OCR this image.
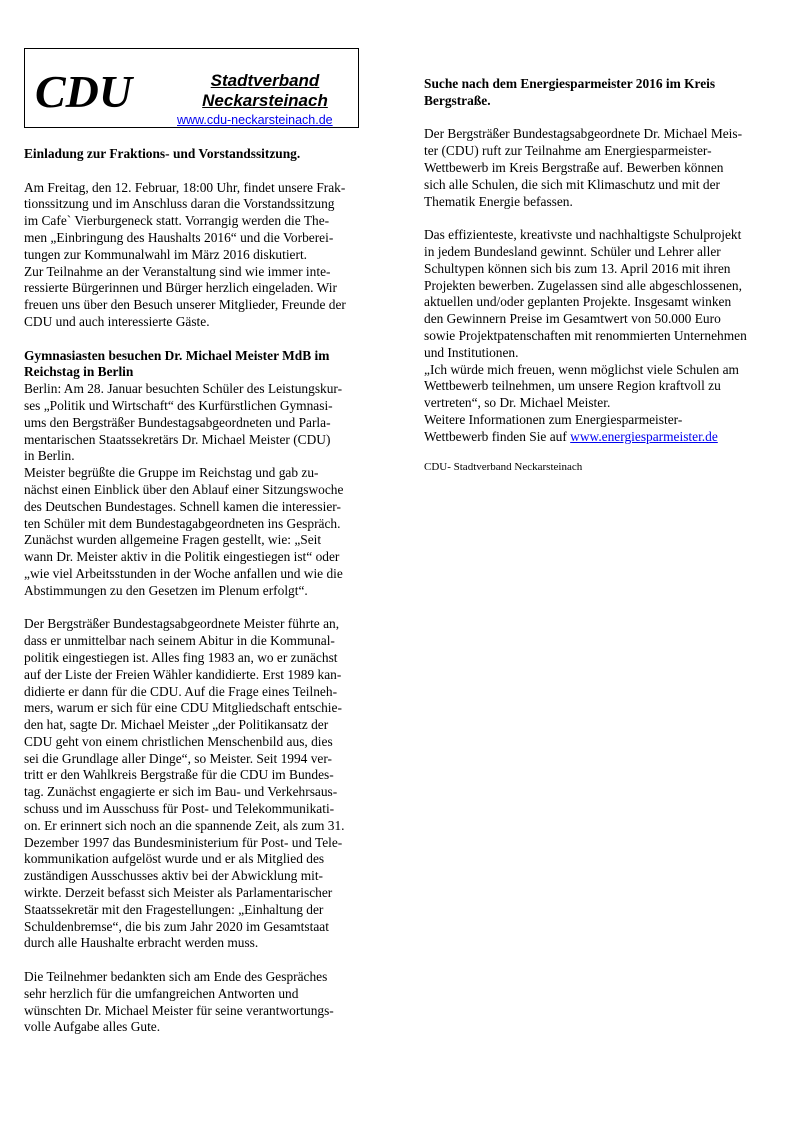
CDU	Stadtverband
Neckarsteinach
www.cdu-neckarsteinach.de
Einladung zur Fraktions- und Vorstandssitzung.

Am Freitag, den 12. Februar, 18:00 Uhr, findet unsere Frak-
tionssitzung und im Anschluss daran die Vorstandssitzung
im Cafe` Vierburgeneck statt. Vorrangig werden die The-
men „Einbringung des Haushalts 2016“ und die Vorberei-
tungen zur Kommunalwahl im März 2016 diskutiert.
Zur Teilnahme an der Veranstaltung sind wie immer inte-
ressierte Bürgerinnen und Bürger herzlich eingeladen. Wir
freuen uns über den Besuch unserer Mitglieder, Freunde der
CDU und auch interessierte Gäste.

Gymnasiasten besuchen Dr. Michael Meister MdB im
Reichstag in Berlin

Berlin: Am 28. Januar besuchten Schüler des Leistungskur-
ses „Politik und Wirtschaft“ des Kurfürstlichen Gymnasi-
ums den Bergsträßer Bundestagsabgeordneten und Parla-
mentarischen Staatssekretärs Dr. Michael Meister (CDU)
in Berlin.
Meister begrüßte die Gruppe im Reichstag und gab zu-
nächst einen Einblick über den Ablauf einer Sitzungswoche
des Deutschen Bundestages. Schnell kamen die interessier-
ten Schüler mit dem Bundestagabgeordneten ins Gespräch.
Zunächst wurden allgemeine Fragen gestellt, wie: „Seit
wann Dr. Meister aktiv in die Politik eingestiegen ist“ oder
„wie viel Arbeitsstunden in der Woche anfallen und wie die
Abstimmungen zu den Gesetzen im Plenum erfolgt“.

Der Bergsträßer Bundestagsabgeordnete Meister führte an,
dass er unmittelbar nach seinem Abitur in die Kommunal-
politik eingestiegen ist. Alles fing 1983 an, wo er zunächst
auf der Liste der Freien Wähler kandidierte. Erst 1989 kan-
didierte er dann für die CDU. Auf die Frage eines Teilneh-
mers, warum er sich für eine CDU Mitgliedschaft entschie-
den hat, sagte Dr. Michael Meister „der Politikansatz der
CDU geht von einem christlichen Menschenbild aus, dies
sei die Grundlage aller Dinge“, so Meister. Seit 1994 ver-
tritt er den Wahlkreis Bergstraße für die CDU im Bundes-
tag. Zunächst engagierte er sich im Bau- und Verkehrsaus-
schuss und im Ausschuss für Post- und Telekommunikati-
on. Er erinnert sich noch an die spannende Zeit, als zum 31.
Dezember 1997 das Bundesministerium für Post- und Tele-
kommunikation aufgelöst wurde und er als Mitglied des
zuständigen Ausschusses aktiv bei der Abwicklung mit-
wirkte. Derzeit befasst sich Meister als Parlamentarischer
Staatssekretär mit den Fragestellungen: „Einhaltung der
Schuldenbremse“, die bis zum Jahr 2020 im Gesamtstaat
durch alle Haushalte erbracht werden muss.

Die Teilnehmer bedankten sich am Ende des Gespräches
sehr herzlich für die umfangreichen Antworten und
wünschten Dr. Michael Meister für seine verantwortungs-
volle Aufgabe alles Gute.

Suche nach dem Energiesparmeister 2016 im Kreis
Bergstraße.

Der Bergsträßer Bundestagsabgeordnete Dr. Michael Meis-
ter (CDU) ruft zur Teilnahme am Energiesparmeister-
Wettbewerb im Kreis Bergstraße auf. Bewerben können
sich alle Schulen, die sich mit Klimaschutz und mit der
Thematik Energie befassen.

Das effizienteste, kreativste und nachhaltigste Schulprojekt
in jedem Bundesland gewinnt. Schüler und Lehrer aller
Schultypen können sich bis zum 13. April 2016 mit ihren
Projekten bewerben. Zugelassen sind alle abgeschlossenen,
aktuellen und/oder geplanten Projekte. Insgesamt winken
den Gewinnern Preise im Gesamtwert von 50.000 Euro
sowie Projektpatenschaften mit renommierten Unternehmen
und Institutionen.
„Ich würde mich freuen, wenn möglichst viele Schulen am
Wettbewerb teilnehmen, um unsere Region kraftvoll zu
vertreten“, so Dr. Michael Meister.
Weitere Informationen zum Energiesparmeister-

Wettbewerb finden Sie auf www.energiesparmeister.de

CDU- Stadtverband Neckarsteinach
